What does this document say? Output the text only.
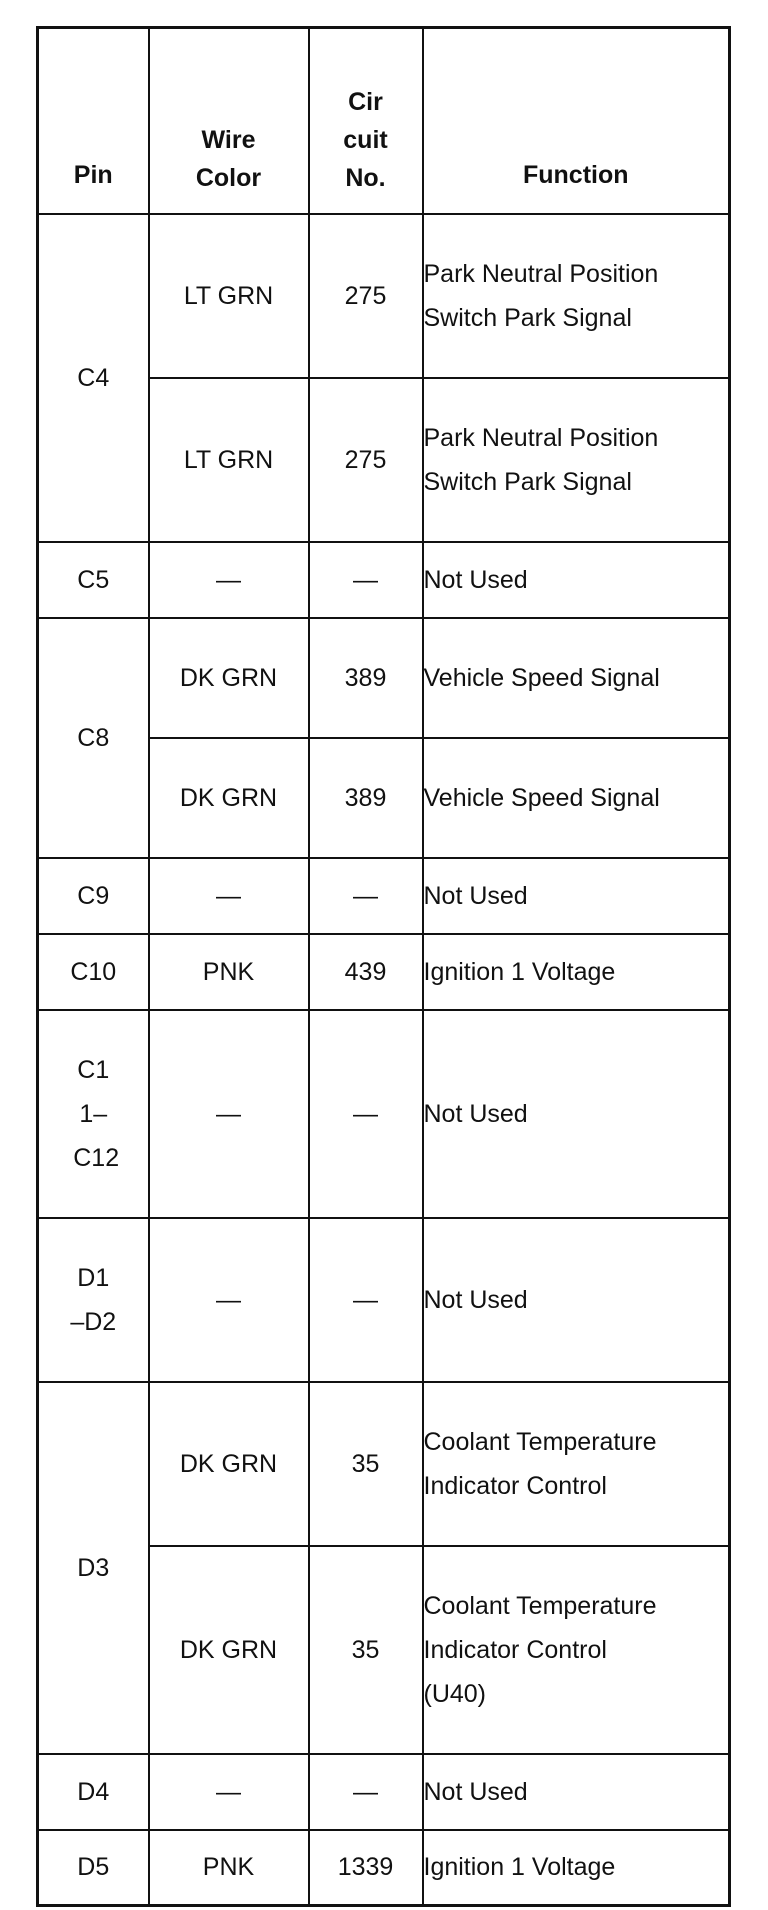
Pin	Wire Color	Cir cuit No.	Function
C4	LT GRN	275	Park Neutral Position Switch Park Signal
	LT GRN	275	Park Neutral Position Switch Park Signal
C5	—	—	Not Used
C8	DK GRN	389	Vehicle Speed Signal
	DK GRN	389	Vehicle Speed Signal
C9	—	—	Not Used
C10	PNK	439	Ignition 1 Voltage

C1 1– C12	—	—	Not Used

D1 –D2	—	—	Not Used
D3	DK GRN	35	Coolant Temperature Indicator Control

	DK GRN	35	Coolant Temperature Indicator Control (U40)

D4	—	—	Not Used
D5	PNK	1339	Ignition 1 Voltage
